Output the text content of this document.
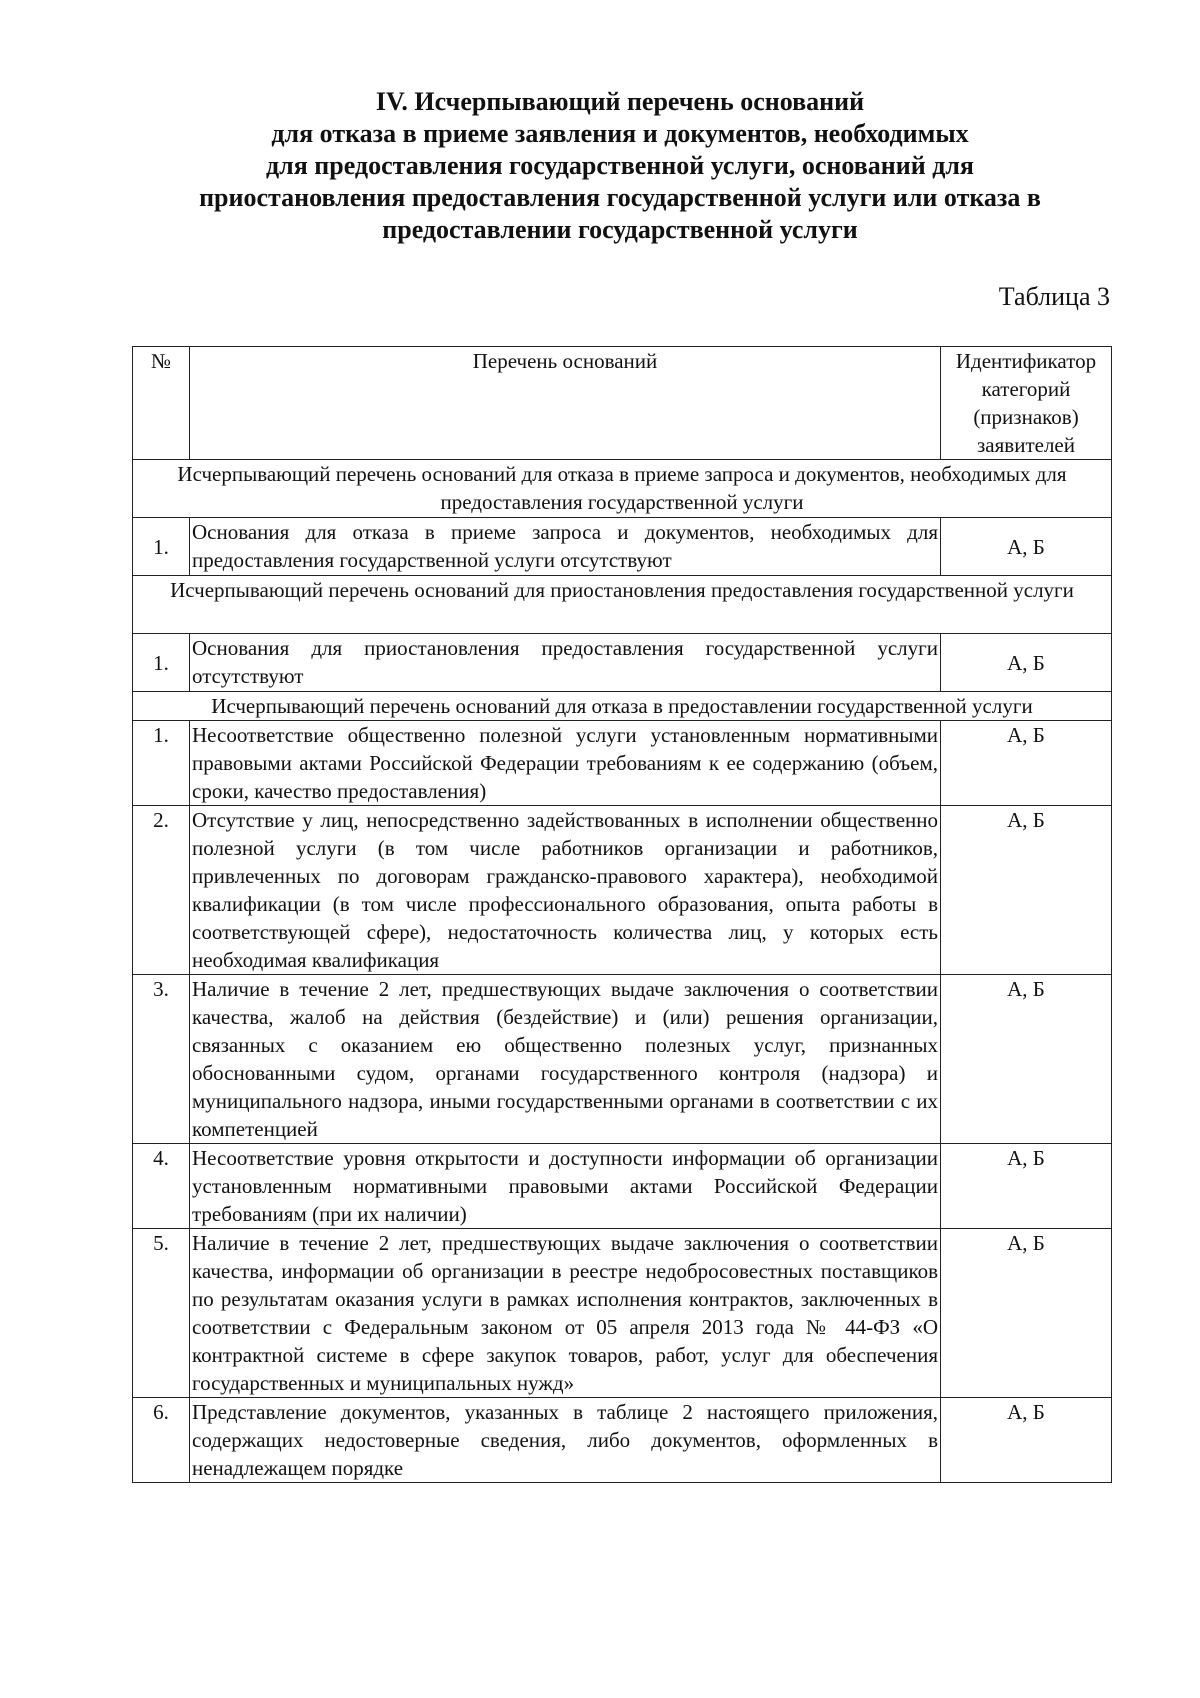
IV. Исчерпывающий перечень оснований
для отказа в приеме заявления и документов, необходимых
для предоставления государственной услуги, оснований для
приостановления предоставления государственной услуги или отказа в
предоставлении государственной услуги
Таблица 3
№	Перечень оснований	Идентификатор категорий (признаков) заявителей
Исчерпывающий перечень оснований для отказа в приеме запроса и документов, необходимых для предоставления государственной услуги		
1.	Основания для отказа в приеме запроса и документов, необходимых для предоставления государственной услуги отсутствуют	А, Б
Исчерпывающий перечень оснований для приостановления предоставления государственной услуги		
1.	Основания для приостановления предоставления государственной услуги отсутствуют	А, Б
Исчерпывающий перечень оснований для отказа в предоставлении государственной услуги		
1.	Несоответствие общественно полезной услуги установленным нормативными правовыми актами Российской Федерации требованиям к ее содержанию (объем, сроки, качество предоставления)	А, Б
2.	Отсутствие у лиц, непосредственно задействованных в исполнении общественно полезной услуги (в том числе работников организации и работников, привлеченных по договорам гражданско-правового характера), необходимой квалификации (в том числе профессионального образования, опыта работы в соответствующей сфере), недостаточность количества лиц, у которых есть необходимая квалификация	А, Б
3.	Наличие в течение 2 лет, предшествующих выдаче заключения о соответствии качества, жалоб на действия (бездействие) и (или) решения организации, связанных с оказанием ею общественно полезных услуг, признанных обоснованными судом, органами государственного контроля (надзора) и муниципального надзора, иными государственными органами в соответствии с их компетенцией	А, Б
4.	Несоответствие уровня открытости и доступности информации об организации установленным нормативными правовыми актами Российской Федерации требованиям (при их наличии)	А, Б
5.	Наличие в течение 2 лет, предшествующих выдаче заключения о соответствии качества, информации об организации в реестре недобросовестных поставщиков по результатам оказания услуги в рамках исполнения контрактов, заключенных в соответствии с Федеральным законом от 05 апреля 2013 года № 44-ФЗ «О контрактной системе в сфере закупок товаров, работ, услуг для обеспечения государственных и муниципальных нужд»	А, Б
6.	Представление документов, указанных в таблице 2 настоящего приложения, содержащих недостоверные сведения, либо документов, оформленных в ненадлежащем порядке	А, Б
